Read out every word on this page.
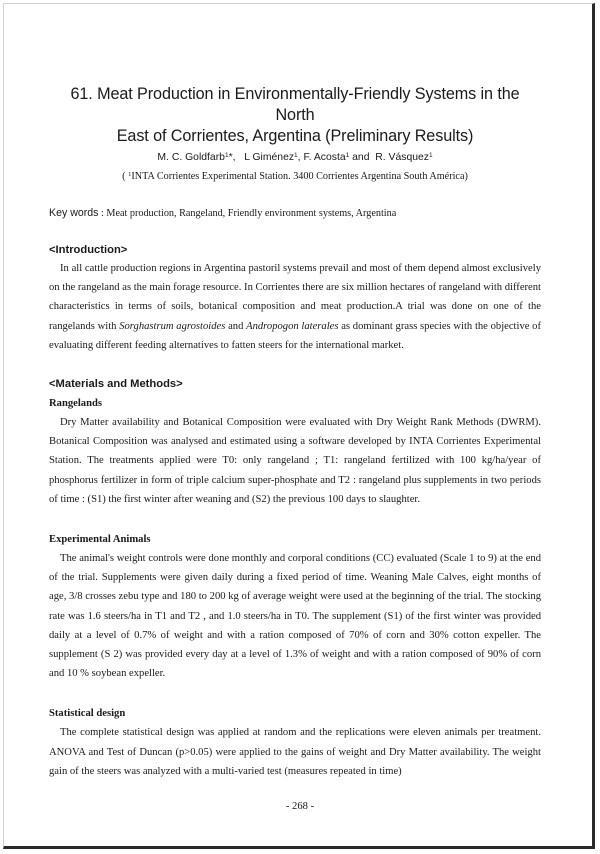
61. Meat Production in Environmentally-Friendly Systems in the North
East of Corrientes, Argentina (Preliminary Results)
M. C. Goldfarb$^1$*, L Giménez$^1$, F. Acosta$^1$ and  R. Vásquez$^1$
( $^1$INTA Corrientes Experimental Station. 3400 Corrientes Argentina South América)
Key words : Meat production, Rangeland, Friendly environment systems, Argentina
<Introduction>

In all cattle production regions in Argentina pastoril systems prevail and most of them depend almost exclusively on the rangeland as the main forage resource. In Corrientes there are six million hectares of rangeland with different characteristics in terms of soils, botanical composition and meat production.A trial was done on one of the rangelands with Sorghastrum agrostoides and Andropogon laterales as dominant grass species with the objective of evaluating different feeding alternatives to fatten steers for the international market.

<Materials and Methods>
Rangelands

Dry Matter availability and Botanical Composition were evaluated with Dry Weight Rank Methods (DWRM). Botanical Composition was analysed and estimated using a software developed by INTA Corrientes Experimental Station. The treatments applied were T0: only rangeland ; T1: rangeland fertilized with 100 kg/ha/year of phosphorus fertilizer in form of triple calcium super-phosphate and T2 : rangeland plus supplements in two periods of time : (S1) the first winter after weaning and (S2) the previous 100 days to slaughter.

Experimental Animals

The animal's weight controls were done monthly and corporal conditions (CC) evaluated (Scale 1 to 9) at the end of the trial. Supplements were given daily during a fixed period of time. Weaning Male Calves, eight months of age, 3/8 crosses zebu type and 180 to 200 kg of average weight were used at the beginning of the trial. The stocking rate was 1.6 steers/ha in T1 and T2 , and 1.0 steers/ha in T0. The supplement (S1) of the first winter was provided daily at a level of 0.7% of weight and with a ration composed of 70% of corn and 30% cotton expeller. The supplement (S 2) was provided every day at a level of 1.3% of weight and with a ration composed of 90% of corn and 10 % soybean expeller.

Statistical design

The complete statistical design was applied at random and the replications were eleven animals per treatment. ANOVA and Test of Duncan (p>0.05) were applied to the gains of weight and Dry Matter availability. The weight gain of the steers was analyzed with a multi-varied test (measures repeated in time)

- 268 -
